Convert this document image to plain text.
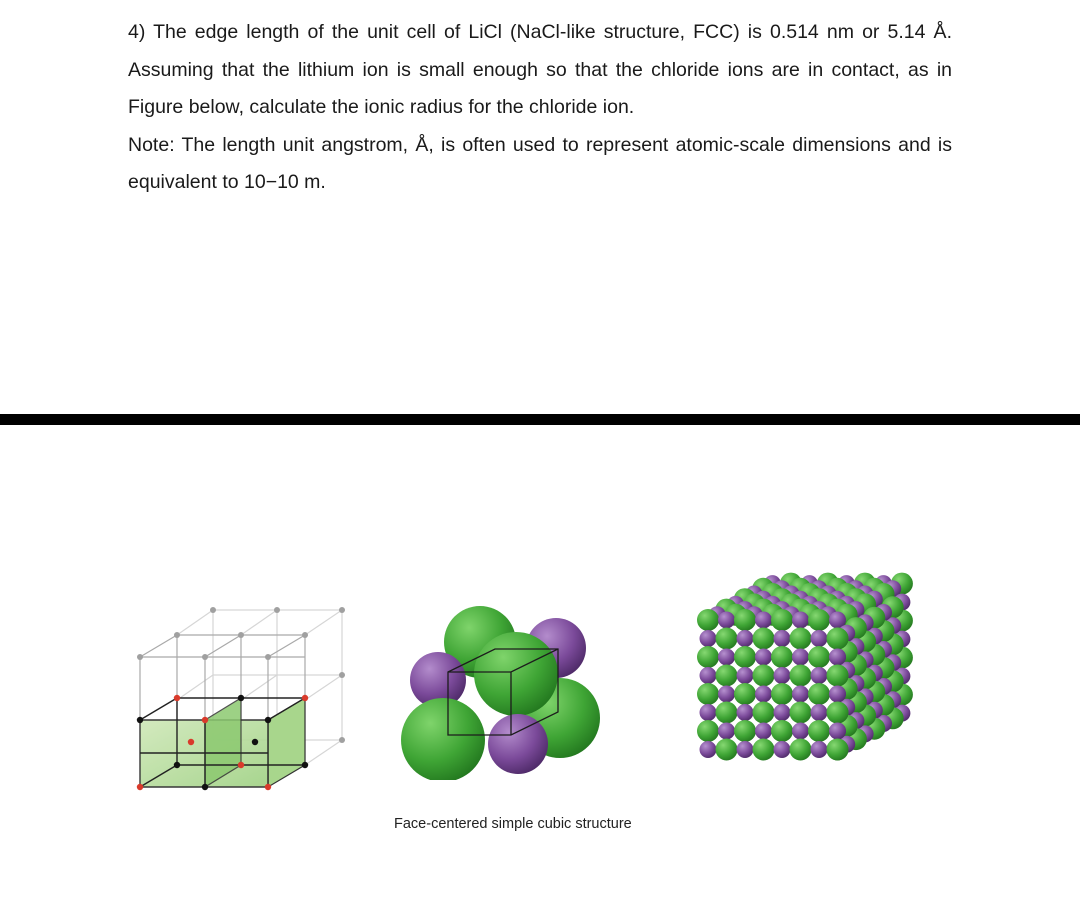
4) The edge length of the unit cell of LiCl (NaCl-like structure, FCC) is 0.514 nm or 5.14 Å. Assuming that the lithium ion is small enough so that the chloride ions are in contact, as in Figure below, calculate the ionic radius for the chloride ion.

Note: The length unit angstrom, Å, is often used to represent atomic-scale dimensions and is equivalent to 10−10 m.

Face-centered simple cubic structure
